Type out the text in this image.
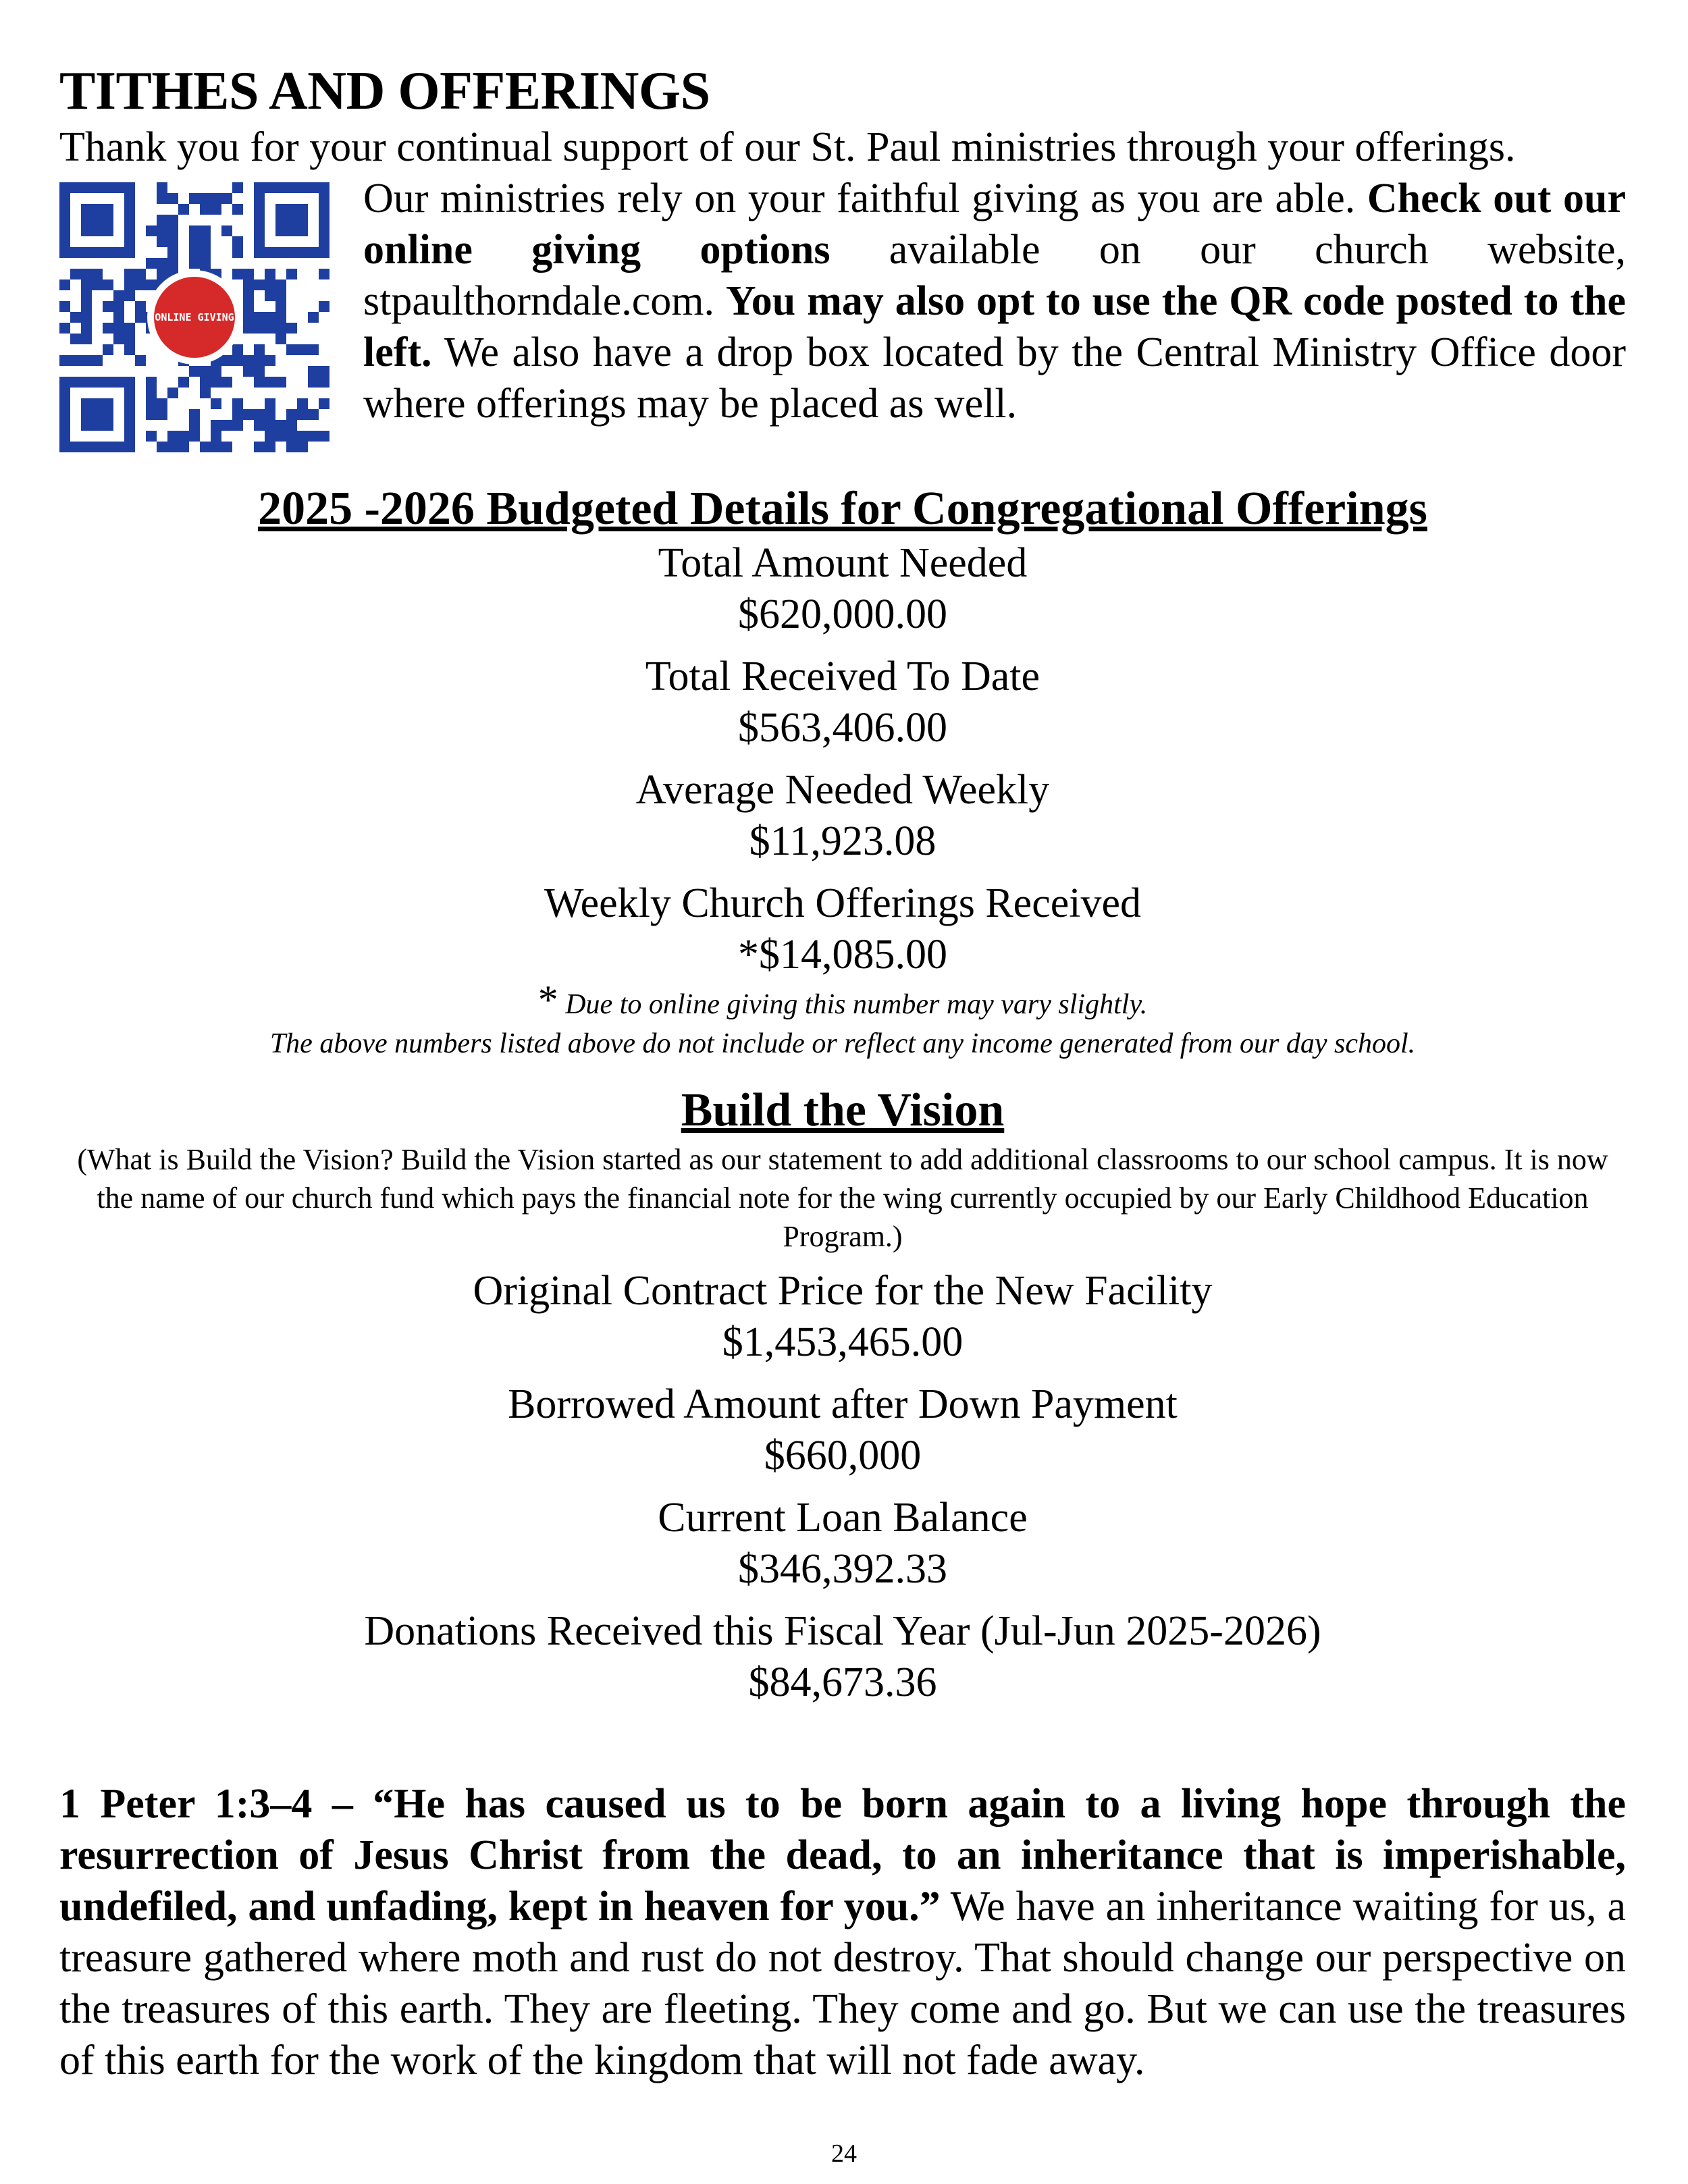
TITHES AND OFFERINGS

Thank you for your continual support of our St. Paul ministries through your offerings.

ONLINE GIVING

Our ministries rely on your faithful giving as you are able. Check out our online giving options available on our church website, stpaulthorndale.com. You may also opt to use the QR code posted to the left. We also have a drop box located by the Central Ministry Office door where offerings may be placed as well.

2025 -2026 Budgeted Details for Congregational Offerings
Total Amount Needed
$620,000.00
Total Received To Date
$563,406.00
Average Needed Weekly
$11,923.08
Weekly Church Offerings Received
*$14,085.00
* Due to online giving this number may vary slightly.
The above numbers listed above do not include or reflect any income generated from our day school.
Build the Vision
(What is Build the Vision? Build the Vision started as our statement to add additional classrooms to our school campus. It is now the name of our church fund which pays the financial note for the wing currently occupied by our Early Childhood Education Program.)
Original Contract Price for the New Facility
$1,453,465.00
Borrowed Amount after Down Payment
$660,000
Current Loan Balance
$346,392.33
Donations Received this Fiscal Year (Jul-Jun 2025-2026)
$84,673.36

1 Peter 1:3–4 – “He has caused us to be born again to a living hope through the resurrection of Jesus Christ from the dead, to an inheritance that is imperishable, undefiled, and unfading, kept in heaven for you.” We have an inheritance waiting for us, a treasure gathered where moth and rust do not destroy. That should change our perspective on the treasures of this earth. They are fleeting. They come and go. But we can use the treasures of this earth for the work of the kingdom that will not fade away.

24
